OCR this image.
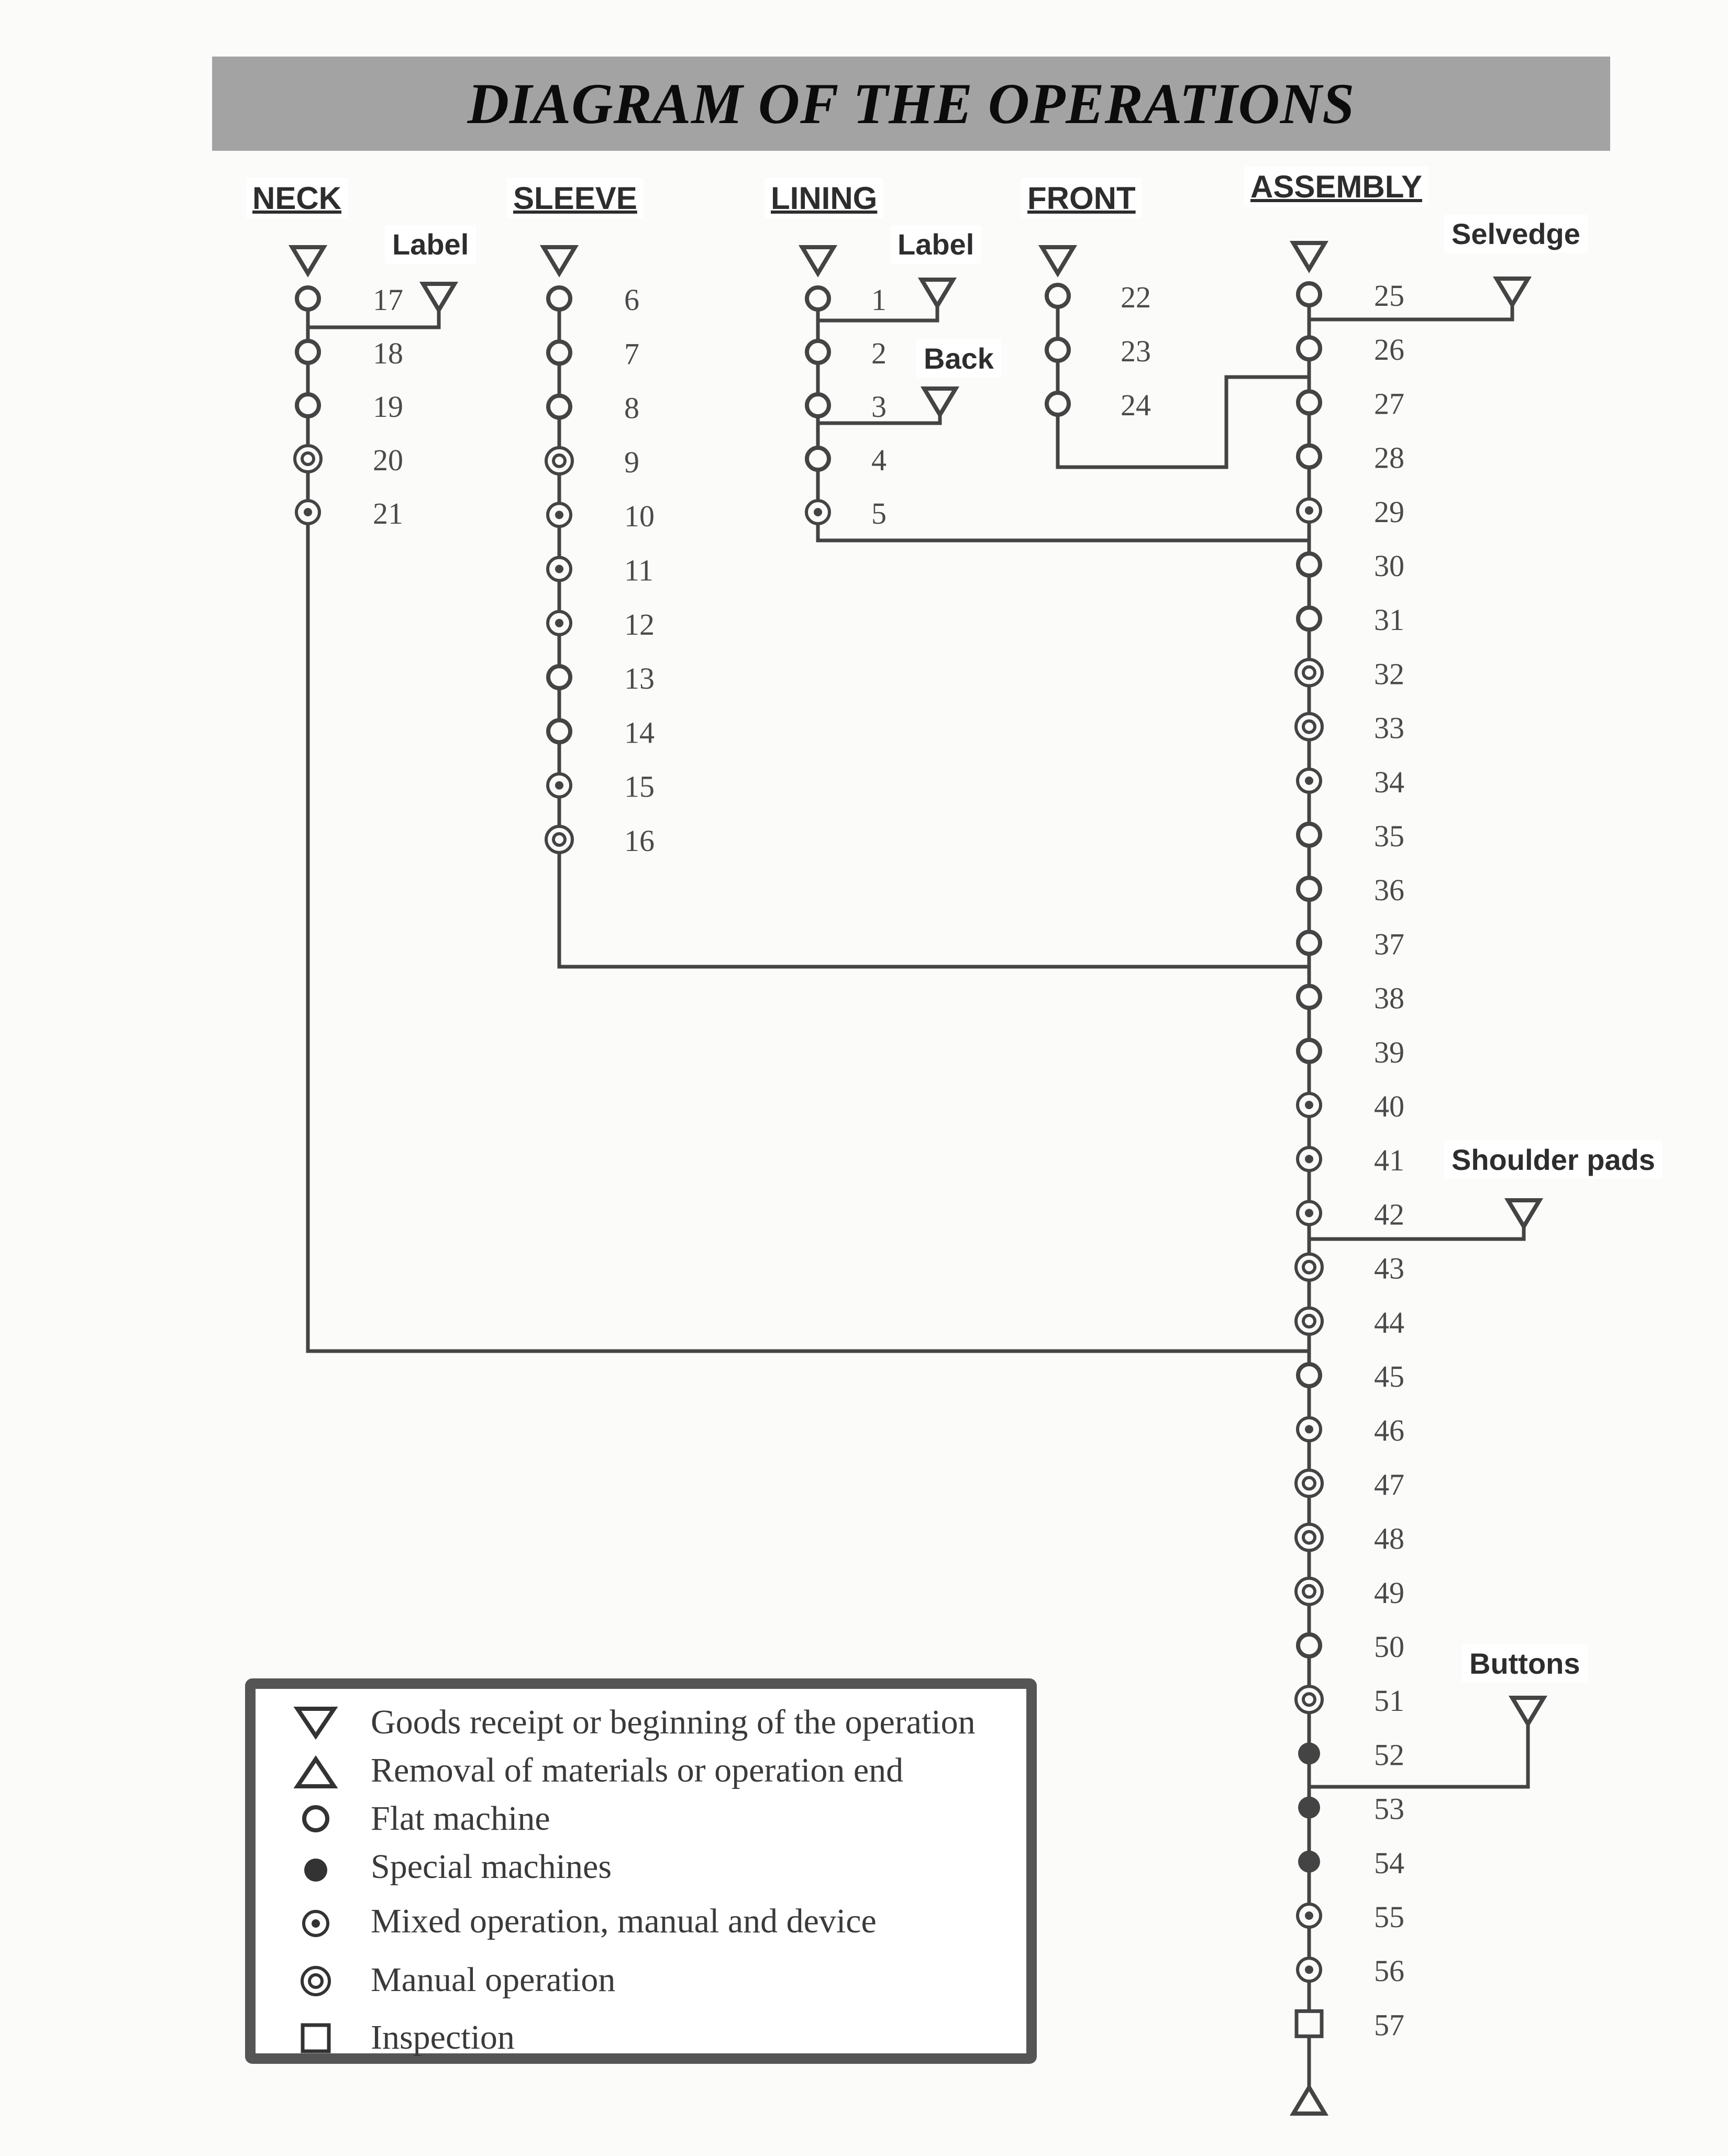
DIAGRAM OF THE OPERATIONS
NECK	SLEEVE	LINING	FRONT	ASSEMBLY
Label	Label
Back
Selvedge
Shoulder pads
Buttons
17
18
19
20
21
6
7
8
9
10
11
12
13
14
15
16
1
2
3
4
5
22
23
24
25
26
27
28
29
30
31
32
33
34
35
36
37
38
39
40
41
42
43
44
45
46
47
48
49
50
51
52
53
54
55
56
57
Goods receipt or beginning of the operation
Removal of materials or operation end
Flat machine
Special machines
Mixed operation, manual and device
Manual operation
Inspection
